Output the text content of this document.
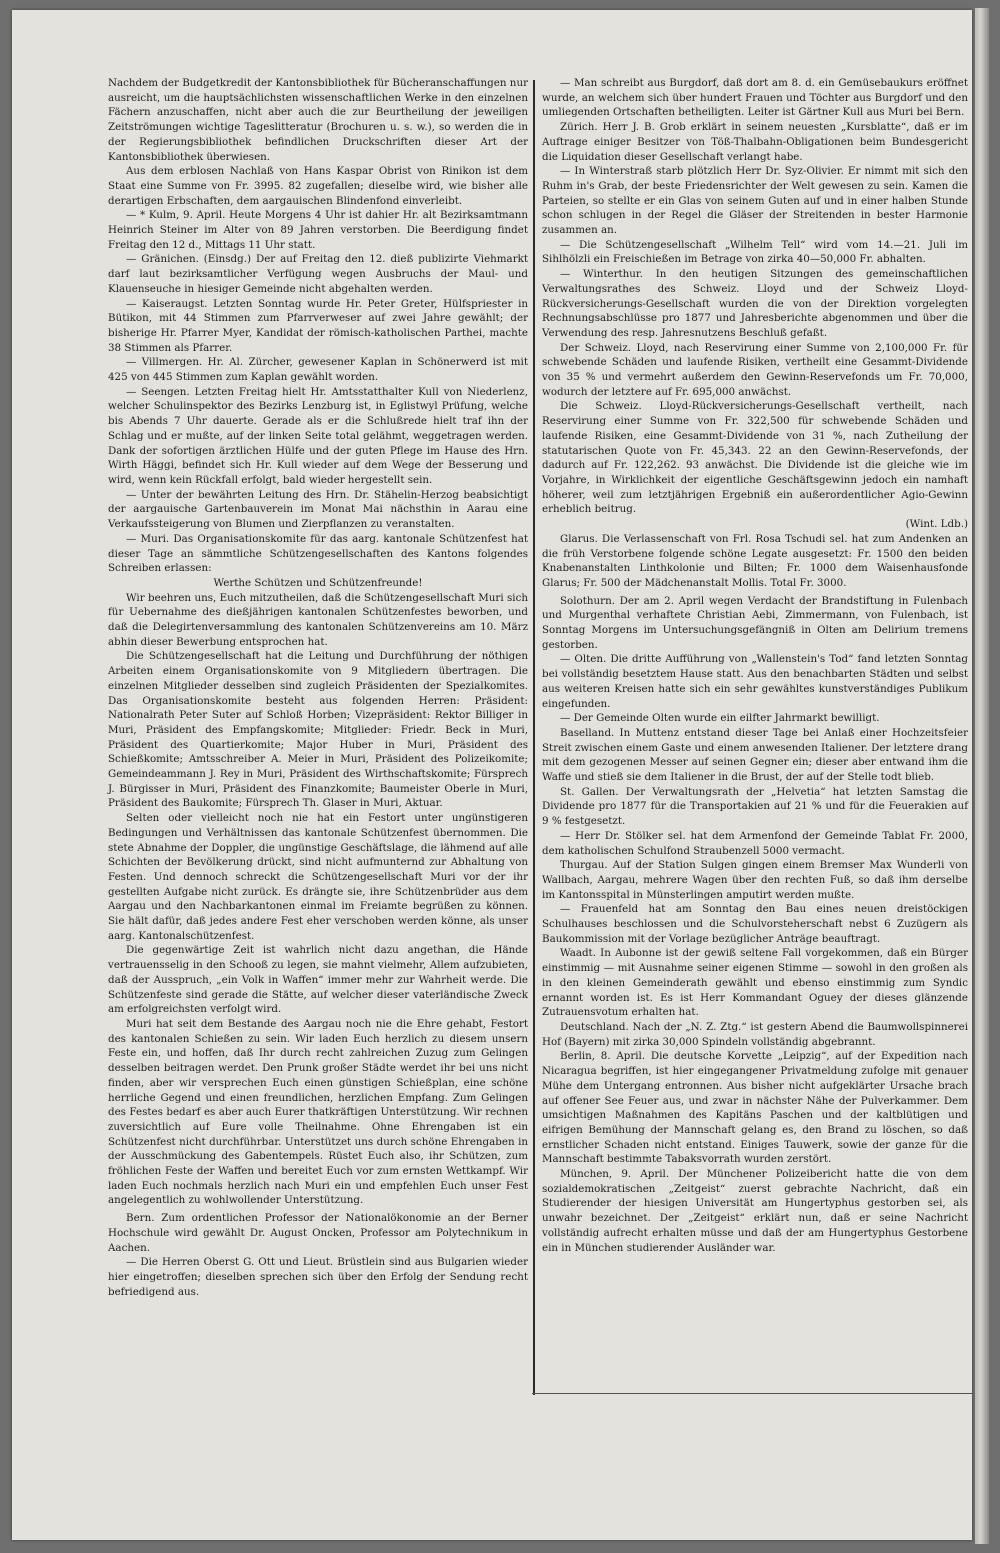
Nachdem der Budgetkredit der Kantonsbibliothek für Bücheranschaffungen nur ausreicht, um die hauptsächlichsten wissenschaftlichen Werke in den einzelnen Fächern anzuschaffen, nicht aber auch die zur Beurtheilung der jeweiligen Zeitströmungen wichtige Tageslitteratur (Brochuren u. s. w.), so werden die in der Regierungsbibliothek befindlichen Druckschriften dieser Art der Kantonsbibliothek überwiesen.

Aus dem erblosen Nachlaß von Hans Kaspar Obrist von Rinikon ist dem Staat eine Summe von Fr. 3995. 82 zugefallen; dieselbe wird, wie bisher alle derartigen Erbschaften, dem aargauischen Blindenfond einverleibt.

— * Kulm, 9. April. Heute Morgens 4 Uhr ist dahier Hr. alt Bezirksamtmann Heinrich Steiner im Alter von 89 Jahren verstorben. Die Beerdigung findet Freitag den 12 d., Mittags 11 Uhr statt.

— Gränichen. (Einsdg.) Der auf Freitag den 12. dieß publizirte Viehmarkt darf laut bezirksamtlicher Verfügung wegen Ausbruchs der Maul- und Klauenseuche in hiesiger Gemeinde nicht abgehalten werden.

— Kaiseraugst. Letzten Sonntag wurde Hr. Peter Greter, Hülfspriester in Bütikon, mit 44 Stimmen zum Pfarrverweser auf zwei Jahre gewählt; der bisherige Hr. Pfarrer Myer, Kandidat der römisch-katholischen Parthei, machte 38 Stimmen als Pfarrer.

— Villmergen. Hr. Al. Zürcher, gewesener Kaplan in Schönerwerd ist mit 425 von 445 Stimmen zum Kaplan gewählt worden.

— Seengen. Letzten Freitag hielt Hr. Amtsstatthalter Kull von Niederlenz, welcher Schulinspektor des Bezirks Lenzburg ist, in Eglistwyl Prüfung, welche bis Abends 7 Uhr dauerte. Gerade als er die Schlußrede hielt traf ihn der Schlag und er mußte, auf der linken Seite total gelähmt, weggetragen werden. Dank der sofortigen ärztlichen Hülfe und der guten Pflege im Hause des Hrn. Wirth Häggi, befindet sich Hr. Kull wieder auf dem Wege der Besserung und wird, wenn kein Rückfall erfolgt, bald wieder hergestellt sein.

— Unter der bewährten Leitung des Hrn. Dr. Stähelin-Herzog beabsichtigt der aargauische Gartenbauverein im Monat Mai nächsthin in Aarau eine Verkaufssteigerung von Blumen und Zierpflanzen zu veranstalten.

— Muri. Das Organisationskomite für das aarg. kantonale Schützenfest hat dieser Tage an sämmtliche Schützengesellschaften des Kantons folgendes Schreiben erlassen:

Werthe Schützen und Schützenfreunde!

Wir beehren uns, Euch mitzutheilen, daß die Schützengesellschaft Muri sich für Uebernahme des dießjährigen kantonalen Schützenfestes beworben, und daß die Delegirtenversammlung des kantonalen Schützenvereins am 10. März abhin dieser Bewerbung entsprochen hat.

Die Schützengesellschaft hat die Leitung und Durchführung der nöthigen Arbeiten einem Organisationskomite von 9 Mitgliedern übertragen. Die einzelnen Mitglieder desselben sind zugleich Präsidenten der Spezialkomites. Das Organisationskomite besteht aus folgenden Herren: Präsident: Nationalrath Peter Suter auf Schloß Horben; Vizepräsident: Rektor Billiger in Muri, Präsident des Empfangskomite; Mitglieder: Friedr. Beck in Muri, Präsident des Quartierkomite; Major Huber in Muri, Präsident des Schießkomite; Amtsschreiber A. Meier in Muri, Präsident des Polizeikomite; Gemeindeammann J. Rey in Muri, Präsident des Wirthschaftskomite; Fürsprech J. Bürgisser in Muri, Präsident des Finanzkomite; Baumeister Oberle in Muri, Präsident des Baukomite; Fürsprech Th. Glaser in Muri, Aktuar.

Selten oder vielleicht noch nie hat ein Festort unter ungünstigeren Bedingungen und Verhältnissen das kantonale Schützenfest übernommen. Die stete Abnahme der Doppler, die ungünstige Geschäftslage, die lähmend auf alle Schichten der Bevölkerung drückt, sind nicht aufmunternd zur Abhaltung von Festen. Und dennoch schreckt die Schützengesellschaft Muri vor der ihr gestellten Aufgabe nicht zurück. Es drängte sie, ihre Schützenbrüder aus dem Aargau und den Nachbarkantonen einmal im Freiamte begrüßen zu können. Sie hält dafür, daß jedes andere Fest eher verschoben werden könne, als unser aarg. Kantonalschützenfest.

Die gegenwärtige Zeit ist wahrlich nicht dazu angethan, die Hände vertrauensselig in den Schooß zu legen, sie mahnt vielmehr, Allem aufzubieten, daß der Ausspruch, „ein Volk in Waffen“ immer mehr zur Wahrheit werde. Die Schützenfeste sind gerade die Stätte, auf welcher dieser vaterländische Zweck am erfolgreichsten verfolgt wird.

Muri hat seit dem Bestande des Aargau noch nie die Ehre gehabt, Festort des kantonalen Schießen zu sein. Wir laden Euch herzlich zu diesem unsern Feste ein, und hoffen, daß Ihr durch recht zahlreichen Zuzug zum Gelingen desselben beitragen werdet. Den Prunk großer Städte werdet ihr bei uns nicht finden, aber wir versprechen Euch einen günstigen Schießplan, eine schöne herrliche Gegend und einen freundlichen, herzlichen Empfang. Zum Gelingen des Festes bedarf es aber auch Eurer thatkräftigen Unterstützung. Wir rechnen zuversichtlich auf Eure volle Theilnahme. Ohne Ehrengaben ist ein Schützenfest nicht durchführbar. Unterstützet uns durch schöne Ehrengaben in der Ausschmückung des Gabentempels. Rüstet Euch also, ihr Schützen, zum fröhlichen Feste der Waffen und bereitet Euch vor zum ernsten Wettkampf. Wir laden Euch nochmals herzlich nach Muri ein und empfehlen Euch unser Fest angelegentlich zu wohlwollender Unterstützung.

Bern. Zum ordentlichen Professor der Nationalökonomie an der Berner Hochschule wird gewählt Dr. August Oncken, Professor am Polytechnikum in Aachen.

— Die Herren Oberst G. Ott und Lieut. Brüstlein sind aus Bulgarien wieder hier eingetroffen; dieselben sprechen sich über den Erfolg der Sendung recht befriedigend aus.

— Man schreibt aus Burgdorf, daß dort am 8. d. ein Gemüsebaukurs eröffnet wurde, an welchem sich über hundert Frauen und Töchter aus Burgdorf und den umliegenden Ortschaften betheiligten. Leiter ist Gärtner Kull aus Muri bei Bern.

Zürich. Herr J. B. Grob erklärt in seinem neuesten „Kursblatte“, daß er im Auftrage einiger Besitzer von Töß-Thalbahn-Obligationen beim Bundesgericht die Liquidation dieser Gesellschaft verlangt habe.

— In Winterstraß starb plötzlich Herr Dr. Syz-Olivier. Er nimmt mit sich den Ruhm in's Grab, der beste Friedensrichter der Welt gewesen zu sein. Kamen die Parteien, so stellte er ein Glas von seinem Guten auf und in einer halben Stunde schon schlugen in der Regel die Gläser der Streitenden in bester Harmonie zusammen an.

— Die Schützengesellschaft „Wilhelm Tell“ wird vom 14.—21. Juli im Sihlhölzli ein Freischießen im Betrage von zirka 40—50,000 Fr. abhalten.

— Winterthur. In den heutigen Sitzungen des gemeinschaftlichen Verwaltungsrathes des Schweiz. Lloyd und der Schweiz Lloyd-Rückversicherungs-Gesellschaft wurden die von der Direktion vorgelegten Rechnungsabschlüsse pro 1877 und Jahresberichte abgenommen und über die Verwendung des resp. Jahresnutzens Beschluß gefaßt.

Der Schweiz. Lloyd, nach Reservirung einer Summe von 2,100,000 Fr. für schwebende Schäden und laufende Risiken, vertheilt eine Gesammt-Dividende von 35 % und vermehrt außerdem den Gewinn-Reservefonds um Fr. 70,000, wodurch der letztere auf Fr. 695,000 anwächst.

Die Schweiz. Lloyd-Rückversicherungs-Gesellschaft vertheilt, nach Reservirung einer Summe von Fr. 322,500 für schwebende Schäden und laufende Risiken, eine Gesammt-Dividende von 31 %, nach Zutheilung der statutarischen Quote von Fr. 45,343. 22 an den Gewinn-Reservefonds, der dadurch auf Fr. 122,262. 93 anwächst. Die Dividende ist die gleiche wie im Vorjahre, in Wirklichkeit der eigentliche Geschäftsgewinn jedoch ein namhaft höherer, weil zum letztjährigen Ergebniß ein außerordentlicher Agio-Gewinn erheblich beitrug.

(Wint. Ldb.)

Glarus. Die Verlassenschaft von Frl. Rosa Tschudi sel. hat zum Andenken an die früh Verstorbene folgende schöne Legate ausgesetzt: Fr. 1500 den beiden Knabenanstalten Linthkolonie und Bilten; Fr. 1000 dem Waisenhausfonde Glarus; Fr. 500 der Mädchenanstalt Mollis. Total Fr. 3000.

Solothurn. Der am 2. April wegen Verdacht der Brandstiftung in Fulenbach und Murgenthal verhaftete Christian Aebi, Zimmermann, von Fulenbach, ist Sonntag Morgens im Untersuchungsgefängniß in Olten am Delirium tremens gestorben.

— Olten. Die dritte Aufführung von „Wallenstein's Tod“ fand letzten Sonntag bei vollständig besetztem Hause statt. Aus den benachbarten Städten und selbst aus weiteren Kreisen hatte sich ein sehr gewähltes kunstverständiges Publikum eingefunden.

— Der Gemeinde Olten wurde ein eilfter Jahrmarkt bewilligt.

Baselland. In Muttenz entstand dieser Tage bei Anlaß einer Hochzeitsfeier Streit zwischen einem Gaste und einem anwesenden Italiener. Der letztere drang mit dem gezogenen Messer auf seinen Gegner ein; dieser aber entwand ihm die Waffe und stieß sie dem Italiener in die Brust, der auf der Stelle todt blieb.

St. Gallen. Der Verwaltungsrath der „Helvetia“ hat letzten Samstag die Dividende pro 1877 für die Transportakien auf 21 % und für die Feuerakien auf 9 % festgesetzt.

— Herr Dr. Stölker sel. hat dem Armenfond der Gemeinde Tablat Fr. 2000, dem katholischen Schulfond Straubenzell 5000 vermacht.

Thurgau. Auf der Station Sulgen gingen einem Bremser Max Wunderli von Wallbach, Aargau, mehrere Wagen über den rechten Fuß, so daß ihm derselbe im Kantonsspital in Münsterlingen amputirt werden mußte.

— Frauenfeld hat am Sonntag den Bau eines neuen dreistöckigen Schulhauses beschlossen und die Schulvorsteherschaft nebst 6 Zuzügern als Baukommission mit der Vorlage bezüglicher Anträge beauftragt.

Waadt. In Aubonne ist der gewiß seltene Fall vorgekommen, daß ein Bürger einstimmig — mit Ausnahme seiner eigenen Stimme — sowohl in den großen als in den kleinen Gemeinderath gewählt und ebenso einstimmig zum Syndic ernannt worden ist. Es ist Herr Kommandant Oguey der dieses glänzende Zutrauensvotum erhalten hat.

Deutschland. Nach der „N. Z. Ztg.“ ist gestern Abend die Baumwollspinnerei Hof (Bayern) mit zirka 30,000 Spindeln vollständig abgebrannt.

Berlin, 8. April. Die deutsche Korvette „Leipzig“, auf der Expedition nach Nicaragua begriffen, ist hier eingegangener Privatmeldung zufolge mit genauer Mühe dem Untergang entronnen. Aus bisher nicht aufgeklärter Ursache brach auf offener See Feuer aus, und zwar in nächster Nähe der Pulverkammer. Dem umsichtigen Maßnahmen des Kapitäns Paschen und der kaltblütigen und eifrigen Bemühung der Mannschaft gelang es, den Brand zu löschen, so daß ernstlicher Schaden nicht entstand. Einiges Tauwerk, sowie der ganze für die Mannschaft bestimmte Tabaksvorrath wurden zerstört.

München, 9. April. Der Münchener Polizeibericht hatte die von dem sozialdemokratischen „Zeitgeist“ zuerst gebrachte Nachricht, daß ein Studierender der hiesigen Universität am Hungertyphus gestorben sei, als unwahr bezeichnet. Der „Zeitgeist“ erklärt nun, daß er seine Nachricht vollständig aufrecht erhalten müsse und daß der am Hungertyphus Gestorbene ein in München studierender Ausländer war.
